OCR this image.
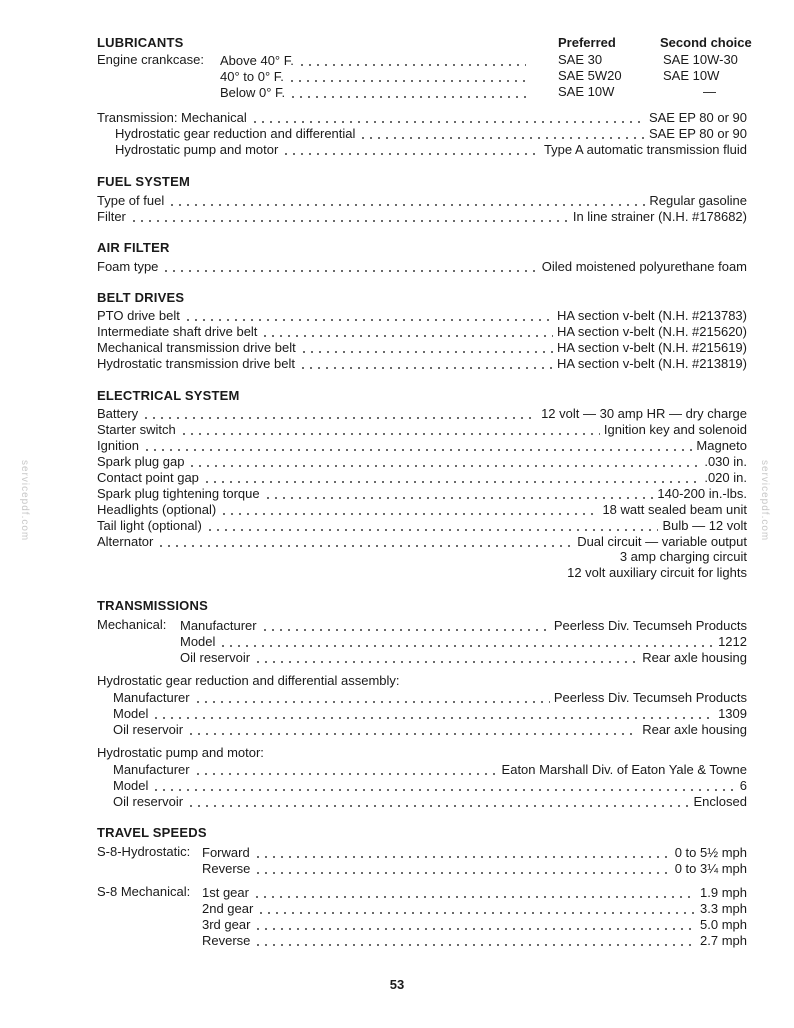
LUBRICANTS	Preferred	Second choice
Engine crankcase: Above 40° F.	SAE 30	SAE 10W-30
40° to 0° F.	SAE 5W20	SAE 10W
Below 0° F.	SAE 10W	—
Transmission: Mechanical	SAE EP 80 or 90
Hydrostatic gear reduction and differential	SAE EP 80 or 90
Hydrostatic pump and motor	Type A automatic transmission fluid
FUEL SYSTEM
Type of fuel	Regular gasoline
Filter	In line strainer (N.H. #178682)
AIR FILTER
Foam type	Oiled moistened polyurethane foam
BELT DRIVES
PTO drive belt	HA section v-belt (N.H. #213783)
Intermediate shaft drive belt	HA section v-belt (N.H. #215620)
Mechanical transmission drive belt	HA section v-belt (N.H. #215619)
Hydrostatic transmission drive belt	HA section v-belt (N.H. #213819)
ELECTRICAL SYSTEM
Battery	12 volt — 30 amp HR — dry charge
Starter switch	Ignition key and solenoid
Ignition	Magneto
Spark plug gap	.030 in.
Contact point gap	.020 in.
Spark plug tightening torque	140-200 in.-lbs.
Headlights (optional)	18 watt sealed beam unit
Tail light (optional)	Bulb — 12 volt
Alternator	Dual circuit — variable output
3 amp charging circuit
12 volt auxiliary circuit for lights
TRANSMISSIONS
Mechanical: Manufacturer	Peerless Div. Tecumseh Products
Model	1212
Oil reservoir	Rear axle housing
Hydrostatic gear reduction and differential assembly:
Manufacturer	Peerless Div. Tecumseh Products
Model	1309
Oil reservoir	Rear axle housing
Hydrostatic pump and motor:
Manufacturer	Eaton Marshall Div. of Eaton Yale & Towne
Model	6
Oil reservoir	Enclosed
TRAVEL SPEEDS
S-8-Hydrostatic: Forward	0 to 5½ mph
Reverse	0 to 3¼ mph
S-8 Mechanical: 1st gear	1.9 mph
2nd gear	3.3 mph
3rd gear	5.0 mph
Reverse	2.7 mph
53
servicepdf.com	servicepdf.com
